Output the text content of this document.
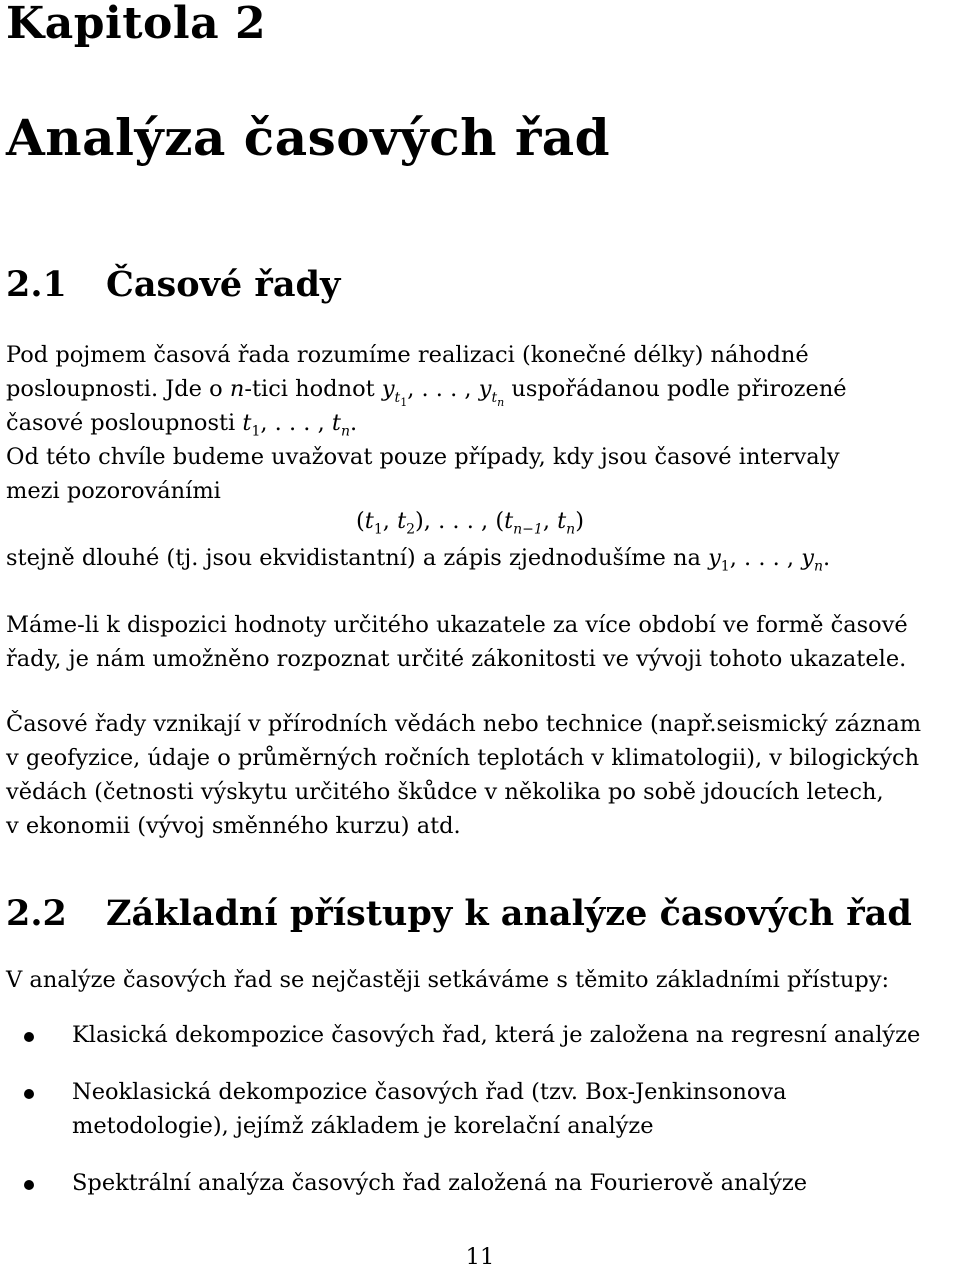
Kapitola 2
Analýza časových řad
2.1 Časové řady
Pod pojmem časová řada rozumíme realizaci (konečné délky) náhodné
posloupnosti. Jde o n-tici hodnot $y_{t_1}$, . . . , $y_{t_n}$ uspořádanou podle přirozené
časové posloupnosti $t_1$, . . . , $t_n$.
Od této chvíle budeme uvažovat pouze případy, kdy jsou časové intervaly
mezi pozorováními
($t_1$, $t_2$), . . . , ($t_{n-1}$, $t_n$)
stejně dlouhé (tj. jsou ekvidistantní) a zápis zjednodušíme na $y_1$, . . . , $y_n$.
Máme-li k dispozici hodnoty určitého ukazatele za více období ve formě časové
řady, je nám umožněno rozpoznat určité zákonitosti ve vývoji tohoto ukazatele.
Časové řady vznikají v přírodních vědách nebo technice (např.seismický záznam
v geofyzice, údaje o průměrných ročních teplotách v klimatologii), v bilogických
vědách (četnosti výskytu určitého škůdce v několika po sobě jdoucích letech,
v ekonomii (vývoj směnného kurzu) atd.
2.2 Základní přístupy k analýze časových řad
V analýze časových řad se nejčastěji setkáváme s těmito základními přístupy:
Klasická dekompozice časových řad, která je založena na regresní analýze
Neoklasická dekompozice časových řad (tzv. Box-Jenkinsonova
metodologie), jejímž základem je korelační analýze
Spektrální analýza časových řad založená na Fourierově analýze
11
